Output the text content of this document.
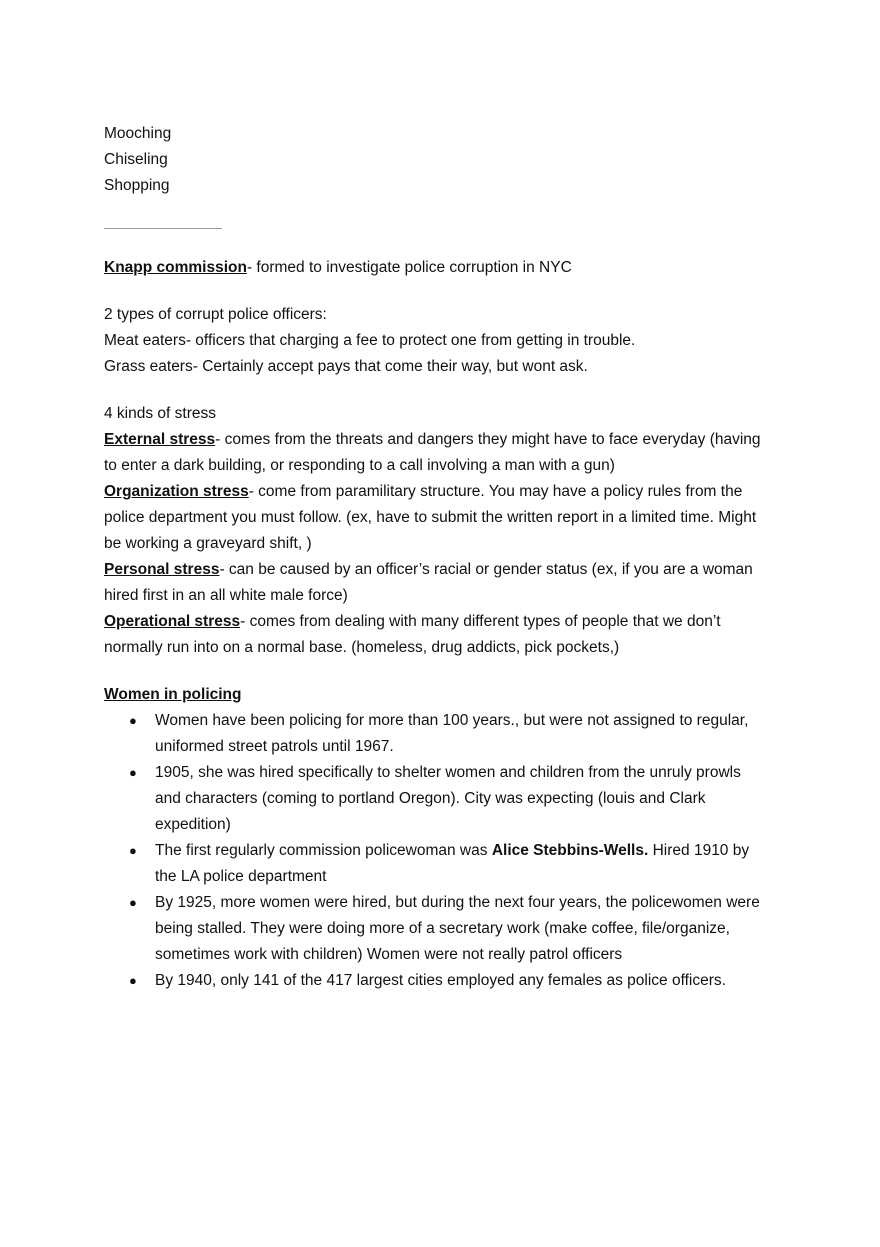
Mooching
Chiseling
Shopping
Knapp commission- formed to investigate police corruption in NYC
2 types of corrupt police officers:
Meat eaters- officers that charging a fee to protect one from getting in trouble.
Grass eaters- Certainly accept pays that come their way, but wont ask.
4 kinds of stress
External stress- comes from the threats and dangers they might have to face everyday (having
to enter a dark building, or responding to a call involving a man with a gun)
Organization stress- come from paramilitary structure. You may have a policy rules from the
police department you must follow. (ex, have to submit the written report in a limited time. Might
be working a graveyard shift, )
Personal stress- can be caused by an officer’s racial or gender status (ex, if you are a woman
hired first in an all white male force)
Operational stress- comes from dealing with many different types of people that we don’t
normally run into on a normal base. (homeless, drug addicts, pick pockets,)
Women in policing
● Women have been policing for more than 100 years., but were not assigned to regular,
uniformed street patrols until 1967.
● 1905, she was hired specifically to shelter women and children from the unruly prowls
and characters (coming to portland Oregon). City was expecting (louis and Clark
expedition)
● The first regularly commission policewoman was Alice Stebbins-Wells. Hired 1910 by
the LA police department
● By 1925, more women were hired, but during the next four years, the policewomen were
being stalled. They were doing more of a secretary work (make coffee, file/organize,
sometimes work with children) Women were not really patrol officers
● By 1940, only 141 of the 417 largest cities employed any females as police officers.
